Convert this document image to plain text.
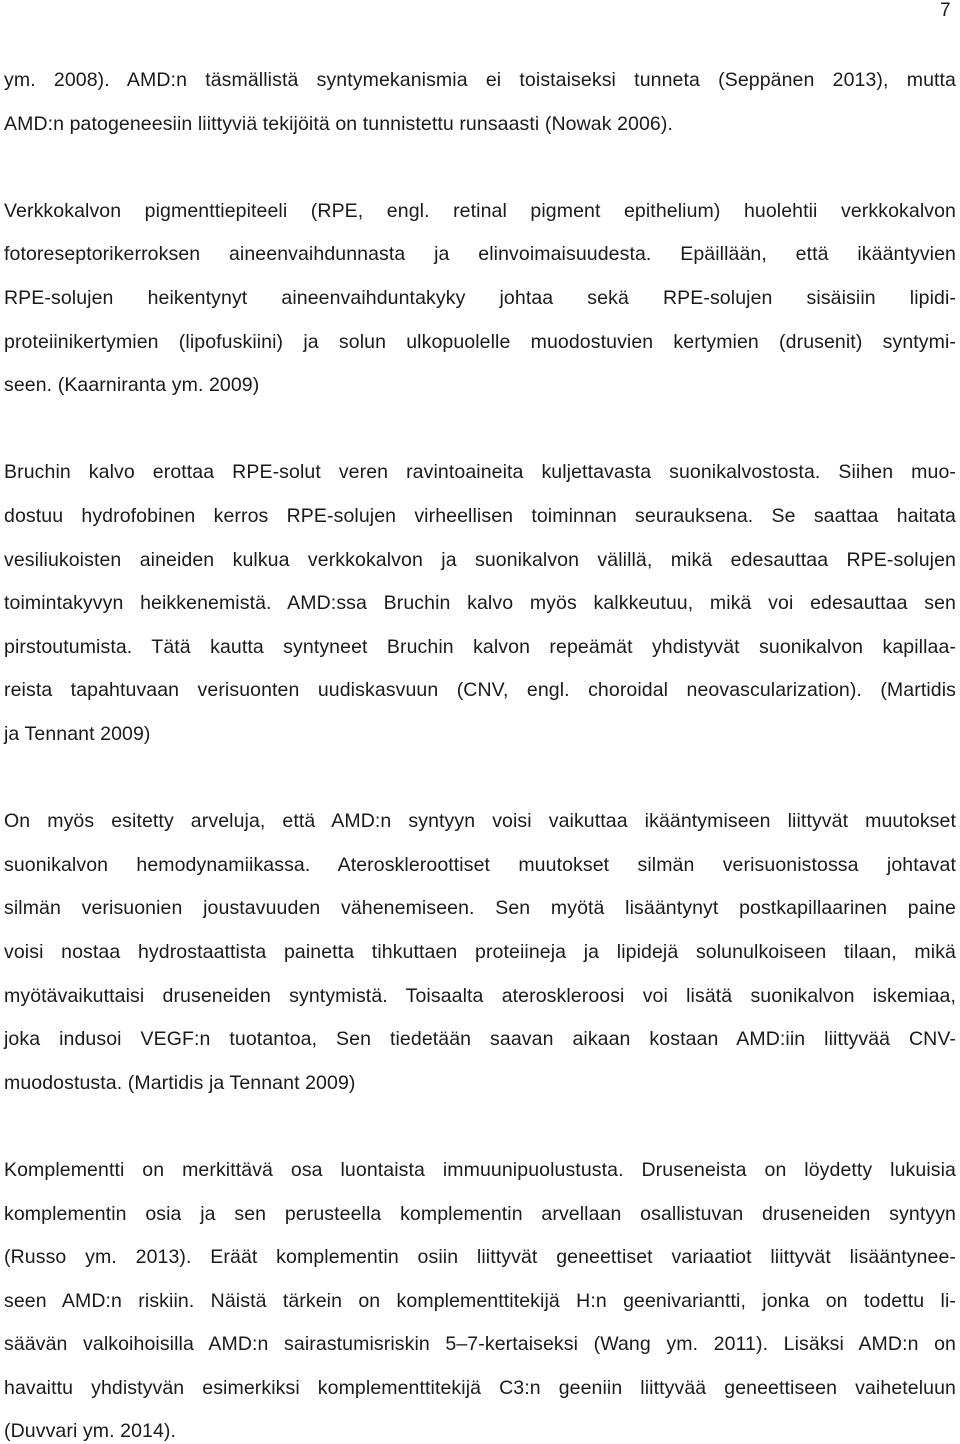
7
ym. 2008). AMD:n täsmällistä syntymekanismia ei toistaiseksi tunneta (Seppänen 2013), mutta
AMD:n patogeneesiin liittyviä tekijöitä on tunnistettu runsaasti (Nowak 2006).
Verkkokalvon pigmenttiepiteeli (RPE, engl. retinal pigment epithelium) huolehtii verkkokalvon
fotoreseptorikerroksen aineenvaihdunnasta ja elinvoimaisuudesta. Epäillään, että ikääntyvien
RPE-solujen heikentynyt aineenvaihduntakyky johtaa sekä RPE-solujen sisäisiin lipidi-
proteiinikertymien (lipofuskiini) ja solun ulkopuolelle muodostuvien kertymien (drusenit) syntymi-
seen. (Kaarniranta ym. 2009)
Bruchin kalvo erottaa RPE-solut veren ravintoaineita kuljettavasta suonikalvostosta. Siihen muo-
dostuu hydrofobinen kerros RPE-solujen virheellisen toiminnan seurauksena. Se saattaa haitata
vesiliukoisten aineiden kulkua verkkokalvon ja suonikalvon välillä, mikä edesauttaa RPE-solujen
toimintakyvyn heikkenemistä. AMD:ssa Bruchin kalvo myös kalkkeutuu, mikä voi edesauttaa sen
pirstoutumista. Tätä kautta syntyneet Bruchin kalvon repeämät yhdistyvät suonikalvon kapillaa-
reista tapahtuvaan verisuonten uudiskasvuun (CNV, engl. choroidal neovascularization). (Martidis
ja Tennant 2009)
On myös esitetty arveluja, että AMD:n syntyyn voisi vaikuttaa ikääntymiseen liittyvät muutokset
suonikalvon hemodynamiikassa. Ateroskleroottiset muutokset silmän verisuonistossa johtavat
silmän verisuonien joustavuuden vähenemiseen. Sen myötä lisääntynyt postkapillaarinen paine
voisi nostaa hydrostaattista painetta tihkuttaen proteiineja ja lipidejä solunulkoiseen tilaan, mikä
myötävaikuttaisi druseneiden syntymistä. Toisaalta ateroskleroosi voi lisätä suonikalvon iskemiaa,
joka indusoi VEGF:n tuotantoa, Sen tiedetään saavan aikaan kostaan AMD:iin liittyvää CNV-
muodostusta. (Martidis ja Tennant 2009)
Komplementti on merkittävä osa luontaista immuunipuolustusta. Druseneista on löydetty lukuisia
komplementin osia ja sen perusteella komplementin arvellaan osallistuvan druseneiden syntyyn
(Russo ym. 2013). Eräät komplementin osiin liittyvät geneettiset variaatiot liittyvät lisääntyneе-
seen AMD:n riskiin. Näistä tärkein on komplementtitekijä H:n geenivariantti, jonka on todettu li-
säävän valkoihoisilla AMD:n sairastumisriskin 5–7-kertaiseksi (Wang ym. 2011). Lisäksi AMD:n on
havaittu yhdistyvän esimerkiksi komplementtitekijä C3:n geeniin liittyvää geneettiseen vaiheteluun
(Duvvari ym. 2014).
